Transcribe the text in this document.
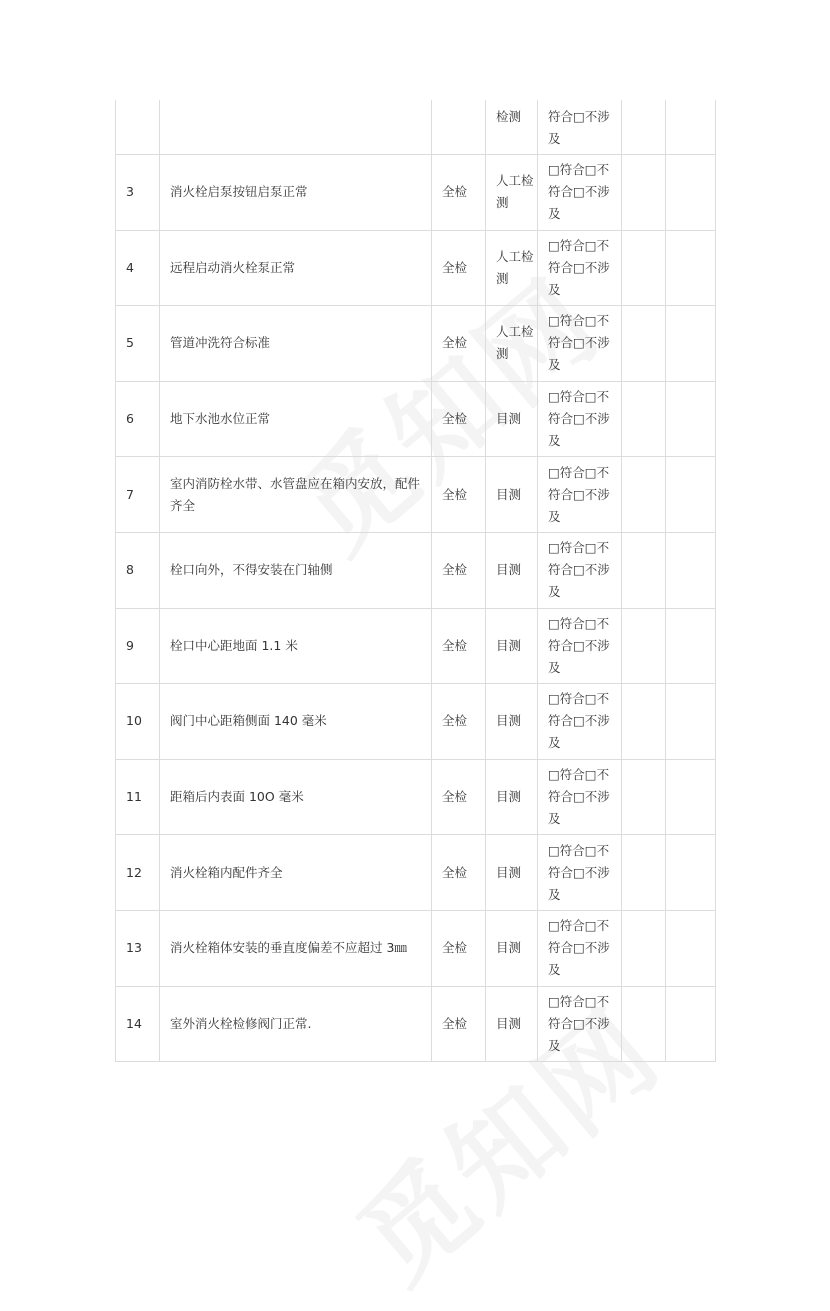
			检测	符合□不涉及		

3	消火栓启泵按钮启泵正常	全检	人工检测	□符合□不符合□不涉及		

4	远程启动消火栓泵正常	全检	人工检测	□符合□不符合□不涉及		

5	管道冲洗符合标准	全检	人工检测	□符合□不符合□不涉及		

6	地下水池水位正常	全检	目测	□符合□不符合□不涉及		

7	室内消防栓水带、水管盘应在箱内安放，配件齐全	全检	目测	□符合□不符合□不涉及		

8	栓口向外，不得安装在门轴侧	全检	目测	□符合□不符合□不涉及		

9	栓口中心距地面 1.1 米	全检	目测	□符合□不符合□不涉及		

10	阀门中心距箱侧面 140 毫米	全检	目测	□符合□不符合□不涉及		

11	距箱后内表面 10O 毫米	全检	目测	□符合□不符合□不涉及		

12	消火栓箱内配件齐全	全检	目测	□符合□不符合□不涉及		

13	消火栓箱体安装的垂直度偏差不应超过 3㎜	全检	目测	□符合□不符合□不涉及		

14	室外消火栓检修阀门正常.	全检	目测	□符合□不符合□不涉及		
